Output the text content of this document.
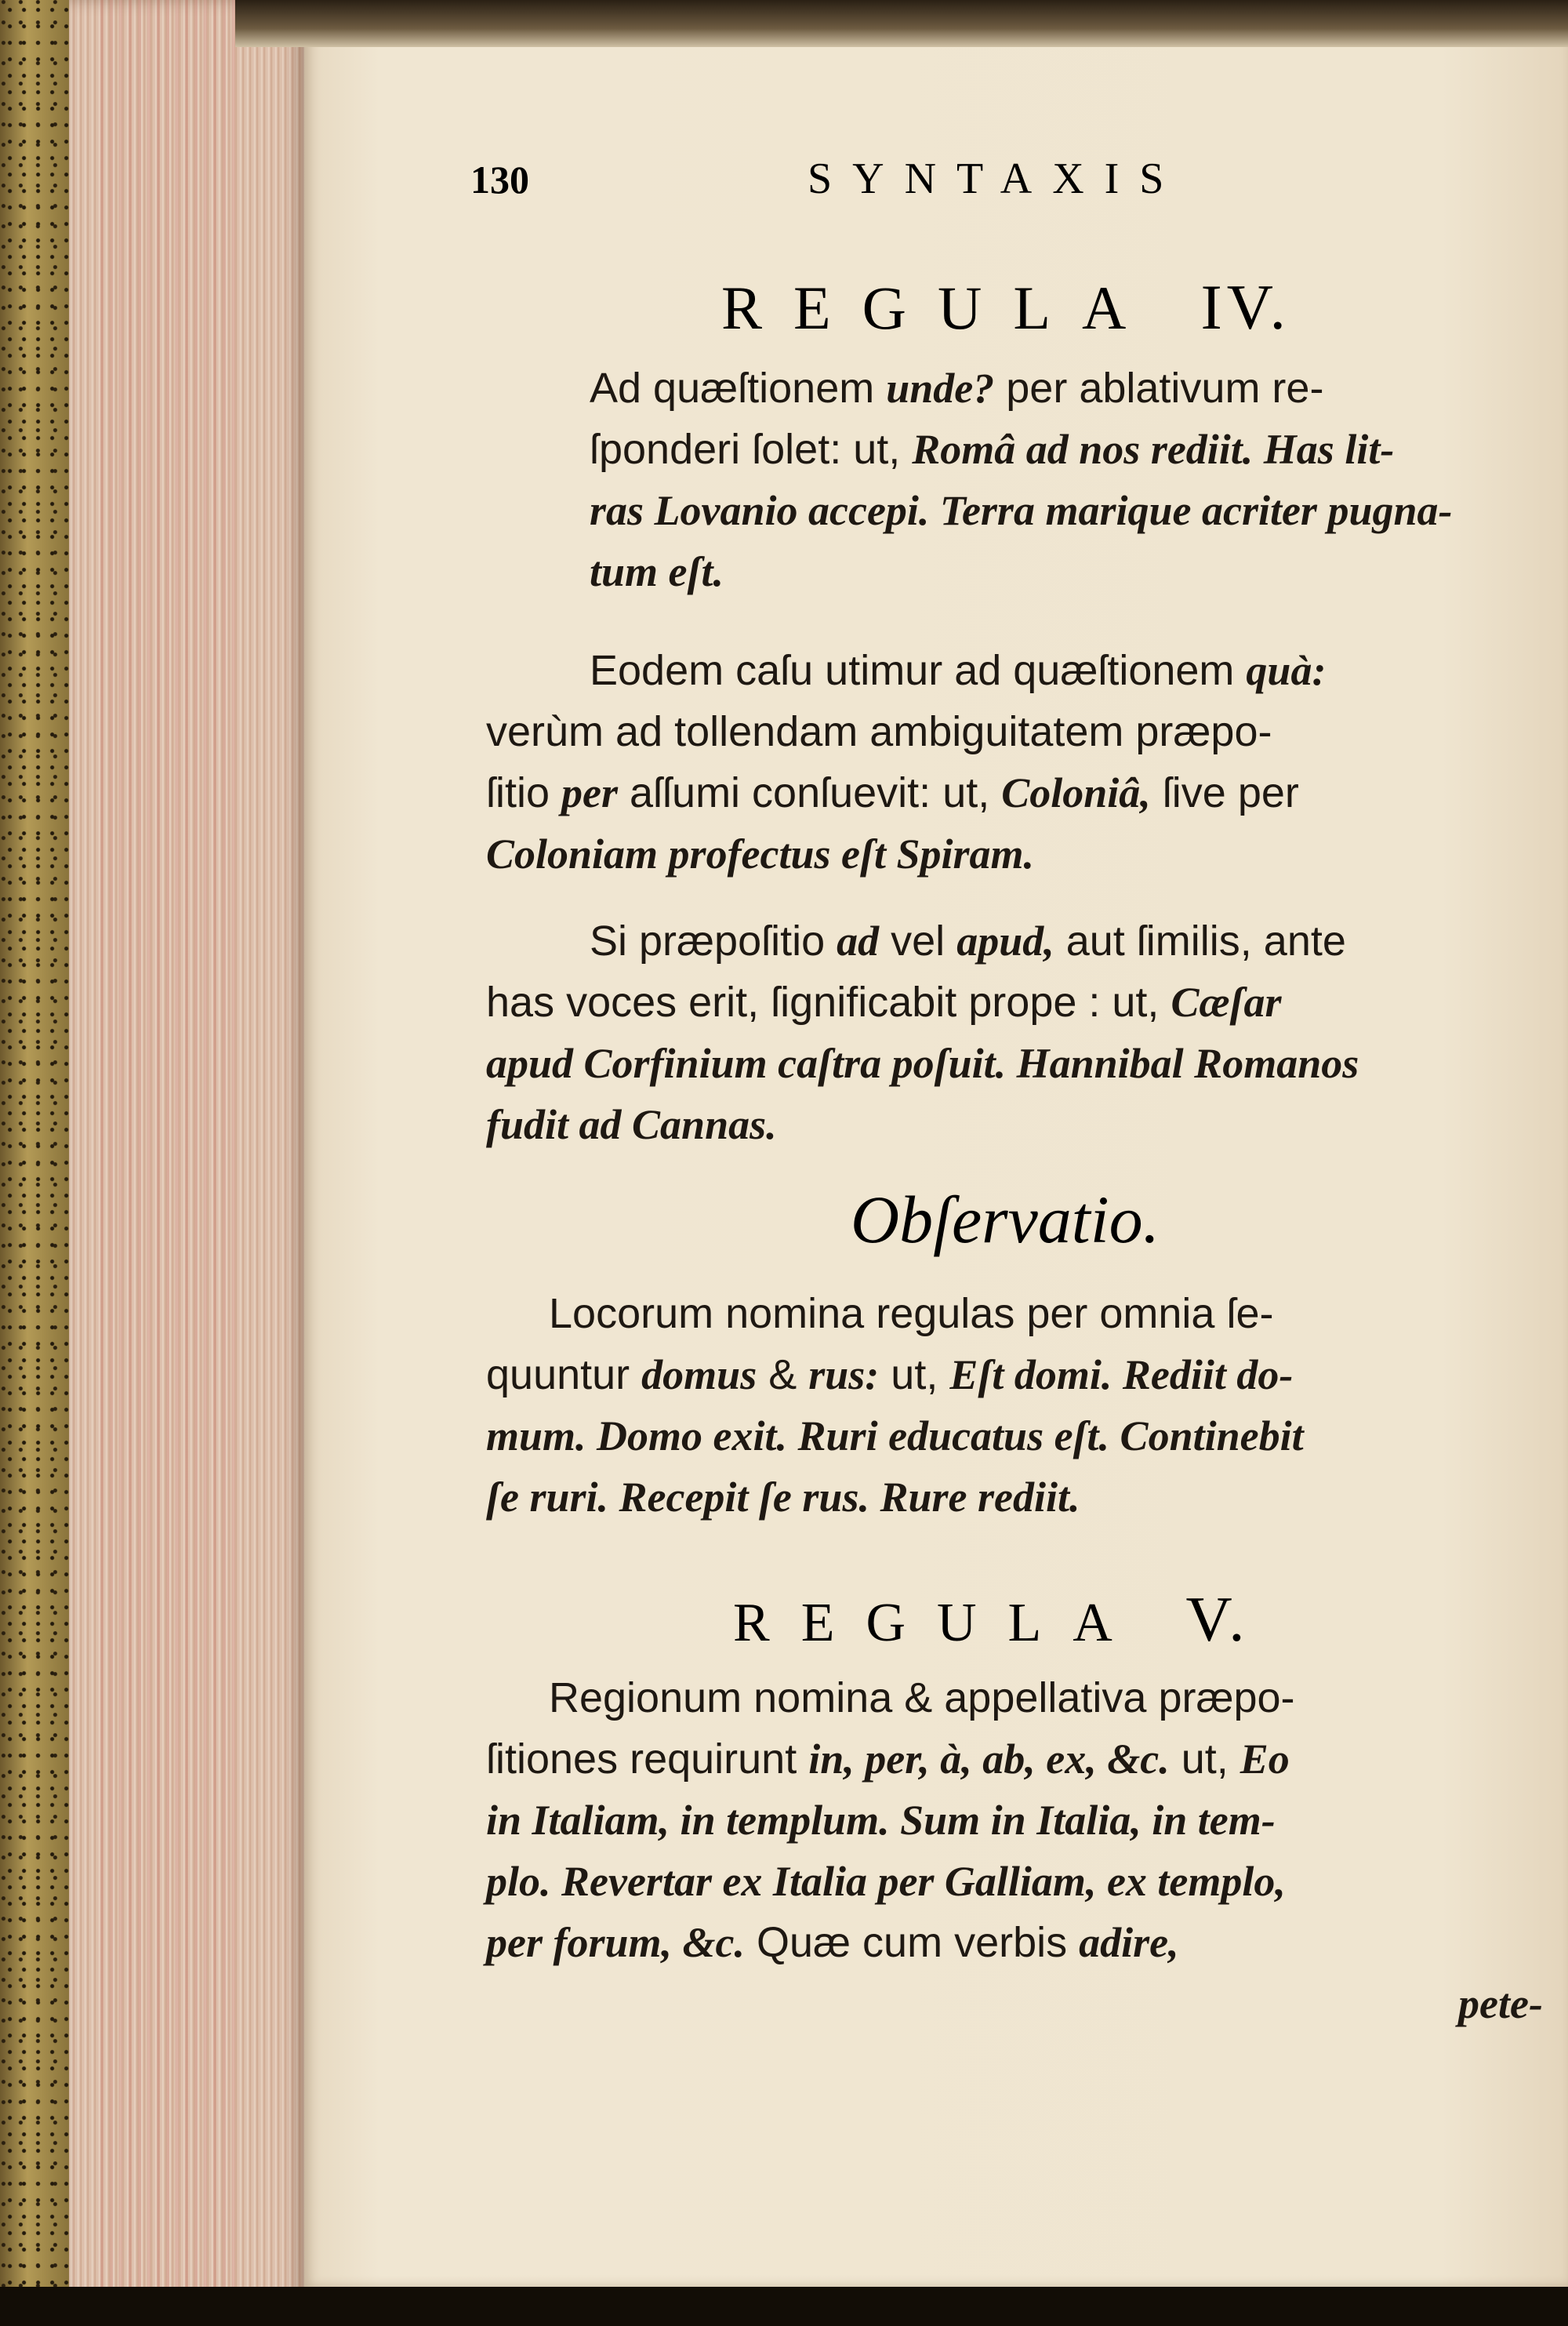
130	SYNTAXIS
REGULA IV.
Obſervatio.
REGULA V.
Ad quæſtionem unde? per ablativum re-
ſponderi ſolet: ut, Româ ad nos rediit. Has lit-
ras Lovanio accepi. Terra marique acriter pugna-
tum eſt.
Eodem caſu utimur ad quæſtionem quà:
verùm ad tollendam ambiguitatem præpo-
ſitio per aſſumi conſuevit: ut, Coloniâ, ſive per
Coloniam profectus eſt Spiram.
Si præpoſitio ad vel apud, aut ſimilis, ante
has voces erit, ſignificabit prope : ut, Cæſar
apud Corfinium caſtra poſuit. Hannibal Romanos
fudit ad Cannas.
Locorum nomina regulas per omnia ſe-
quuntur domus & rus: ut, Eſt domi. Rediit do-
mum. Domo exit. Ruri educatus eſt. Continebit
ſe ruri. Recepit ſe rus. Rure rediit.
Regionum nomina & appellativa præpo-
ſitiones requirunt in, per, à, ab, ex, &c. ut, Eo
in Italiam, in templum. Sum in Italia, in tem-
plo. Revertar ex Italia per Galliam, ex templo,
per forum, &c. Quæ cum verbis adire,
pete-
